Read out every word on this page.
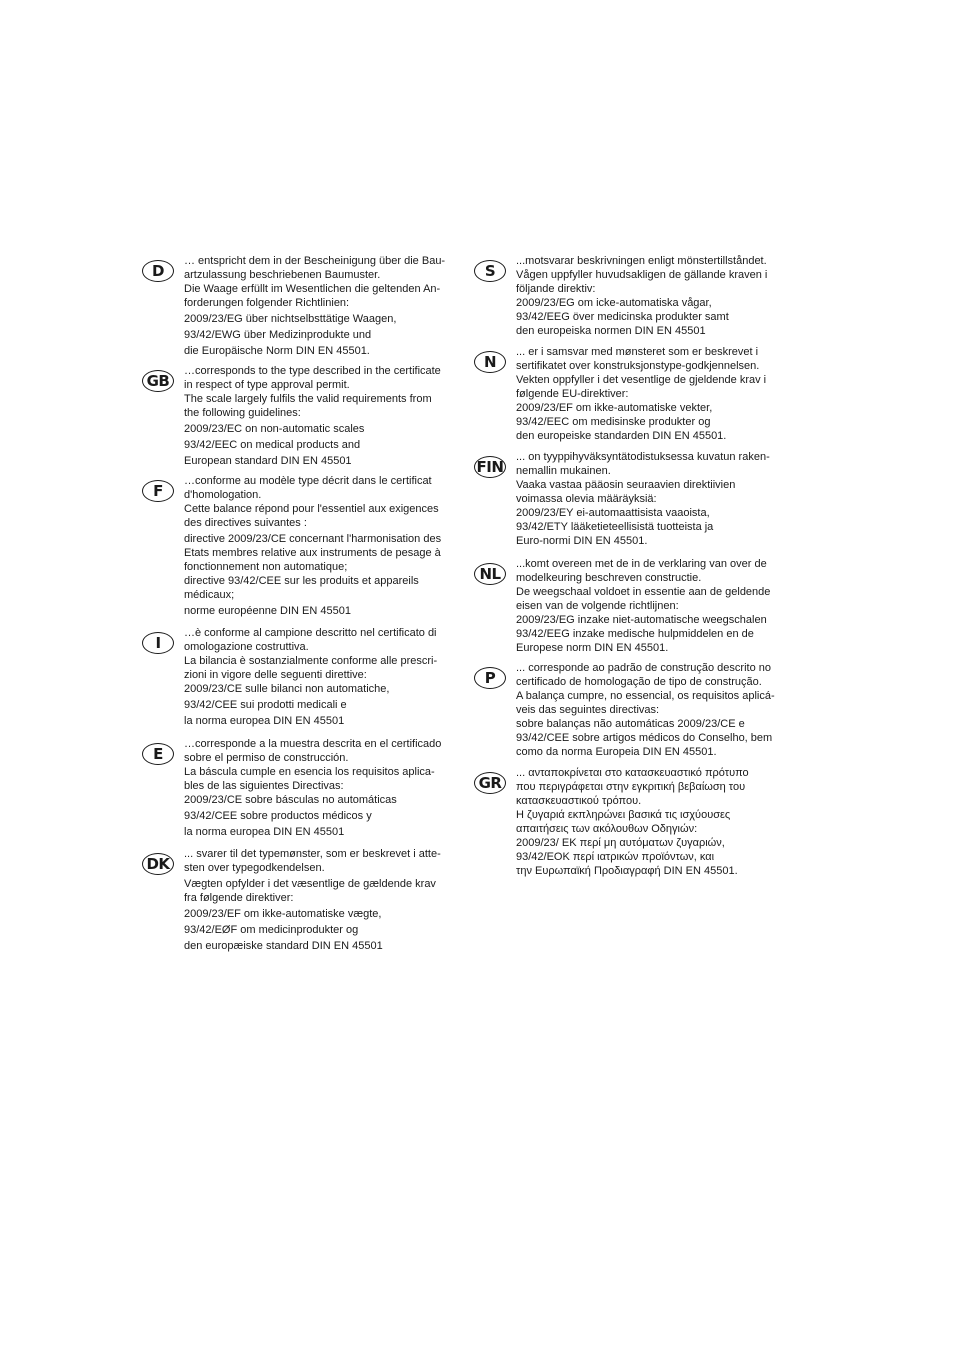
D
… entspricht dem in der Bescheinigung über die Bau-
artzulassung beschriebenen Baumuster.
Die Waage erfüllt im Wesentlichen die geltenden An-
forderungen folgender Richtlinien:
2009/23/EG über nichtselbsttätige Waagen,
93/42/EWG über Medizinprodukte und
die Europäische Norm DIN EN 45501.
GB
…corresponds to the type described in the certificate
in respect of type approval permit.
The scale largely fulfils the valid requirements from
the following guidelines:
2009/23/EC on non-automatic scales
93/42/EEC on medical products and
European standard DIN EN 45501
F
…conforme au modèle type décrit dans le certificat
d'homologation.
Cette balance répond pour l'essentiel aux exigences
des directives suivantes :
directive 2009/23/CE concernant l'harmonisation des
Etats membres relative aux instruments de pesage à
fonctionnement non automatique;
directive 93/42/CEE sur les produits et appareils
médicaux;
norme européenne DIN EN 45501
I
…è conforme al campione descritto nel certificato di
omologazione costruttiva.
La bilancia è sostanzialmente conforme alle prescri-
zioni in vigore delle seguenti direttive:
2009/23/CE sulle bilanci non automatiche,
93/42/CEE sui prodotti medicali e
la norma europea DIN EN 45501
E
…corresponde a la muestra descrita en el certificado
sobre el permiso de construcción.
La báscula cumple en esencia los requisitos aplica-
bles de las siguientes Directivas:
2009/23/CE sobre básculas no automáticas
93/42/CEE sobre productos médicos y
la norma europea DIN EN 45501
DK
... svarer til det typemønster, som er beskrevet i atte-
sten over typegodkendelsen.
Vægten opfylder i det væsentlige de gældende krav
fra følgende direktiver:
2009/23/EF om ikke-automatiske vægte,
93/42/EØF om medicinprodukter og
den europæiske standard DIN EN 45501
S
...motsvarar beskrivningen enligt mönstertillståndet.
Vågen uppfyller huvudsakligen de gällande kraven i
följande direktiv:
2009/23/EG om icke-automatiska vågar,
93/42/EEG över medicinska produkter samt
den europeiska normen DIN EN 45501
N
... er i samsvar med mønsteret som er beskrevet i
sertifikatet over konstruksjonstype-godkjennelsen.
Vekten oppfyller i det vesentlige de gjeldende krav i
følgende EU-direktiver:
2009/23/EF om ikke-automatiske vekter,
93/42/EEC om medisinske produkter og
den europeiske standarden DIN EN 45501.
FIN
... on tyyppihyväksyntätodistuksessa kuvatun raken-
nemallin mukainen.
Vaaka vastaa pääosin seuraavien direktiivien
voimassa olevia määräyksiä:
2009/23/EY ei-automaattisista vaaoista,
93/42/ETY lääketieteellisistä tuotteista ja
Euro-normi DIN EN 45501.
NL
...komt overeen met de in de verklaring van over de
modelkeuring beschreven constructie.
De weegschaal voldoet in essentie aan de geldende
eisen van de volgende richtlijnen:
2009/23/EG inzake niet-automatische weegschalen
93/42/EEG inzake medische hulpmiddelen en de
Europese norm DIN EN 45501.
P
... corresponde ao padrão de construção descrito no
certificado de homologação de tipo de construção.
A balança cumpre, no essencial, os requisitos aplicá-
veis das seguintes directivas:
sobre balanças não automáticas 2009/23/CE e
93/42/CEE sobre artigos médicos do Conselho, bem
como da norma Europeia DIN EN 45501.
GR
... ανταποκρίνεται στο κατασκευαστικό πρότυπο
που περιγράφεται στην εγκριτική βεβαίωση του
κατασκευαστικού τρόπου.
Η ζυγαριά εκπληρώνει βασικά τις ισχύουσες
απαιτήσεις των ακόλουθων Οδηγιών:
2009/23/ ΕΚ περί μη αυτόματων ζυγαριών,
93/42/ΕΟΚ περί ιατρικών προϊόντων, και
την Ευρωπαϊκή Προδιαγραφή DIN EN 45501.
